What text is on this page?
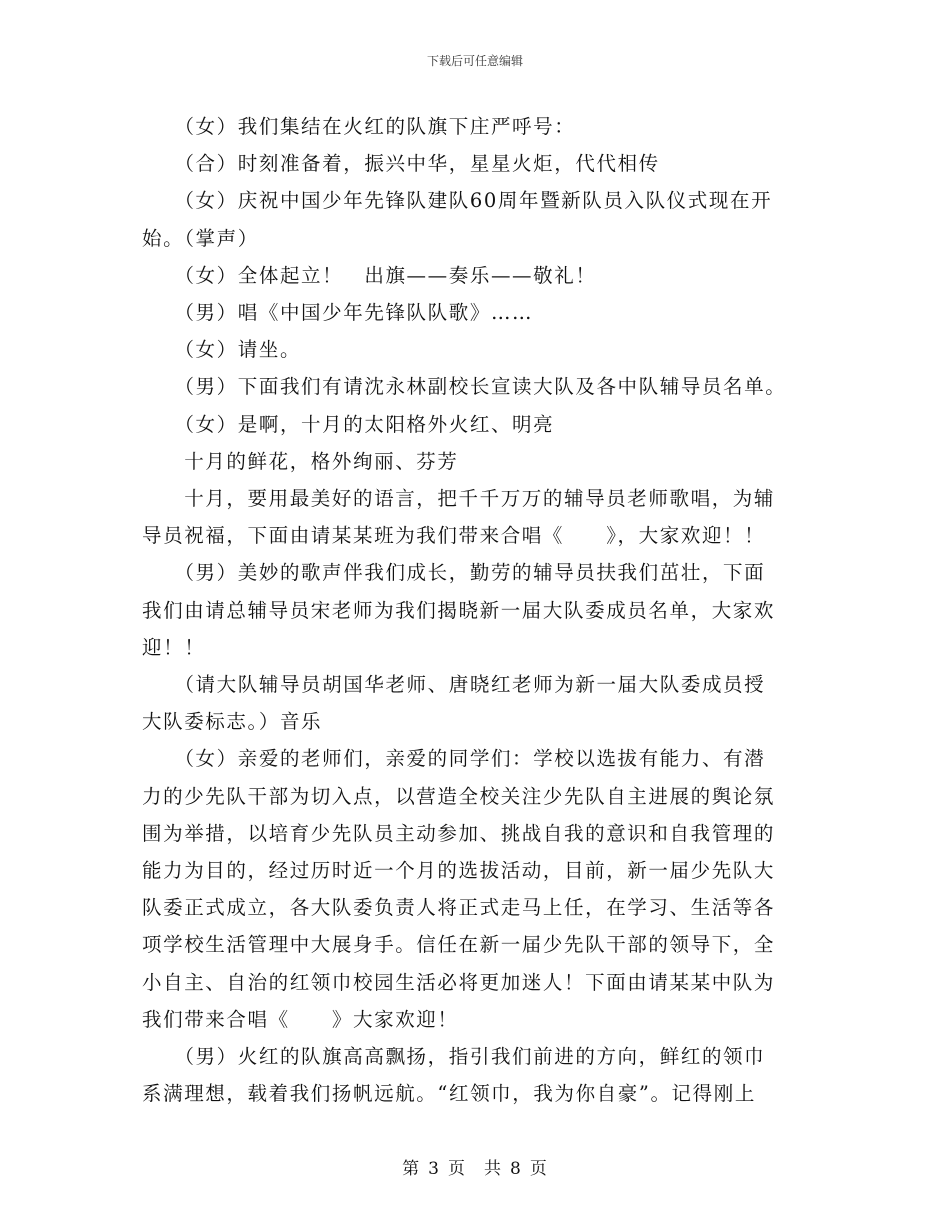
下载后可任意编辑

　　（女）我们集结在火红的队旗下庄严呼号：

　　（合）时刻准备着，振兴中华，星星火炬，代代相传

　　（女）庆祝中国少年先锋队建队60周年暨新队员入队仪式现在开

始。（掌声）

　　（女）全体起立！　出旗——奏乐——敬礼！

　　（男）唱《中国少年先锋队队歌》……

　　（女）请坐。

　　（男）下面我们有请沈永林副校长宣读大队及各中队辅导员名单。

　　（女）是啊，十月的太阳格外火红、明亮

　　十月的鲜花，格外绚丽、芬芳

　　十月，要用最美好的语言，把千千万万的辅导员老师歌唱，为辅

导员祝福，下面由请某某班为我们带来合唱《　　》，大家欢迎！！

　　（男）美妙的歌声伴我们成长，勤劳的辅导员扶我们茁壮，下面

我们由请总辅导员宋老师为我们揭晓新一届大队委成员名单，大家欢

迎！！

　　（请大队辅导员胡国华老师、唐晓红老师为新一届大队委成员授

大队委标志。）音乐

　　（女）亲爱的老师们，亲爱的同学们：学校以选拔有能力、有潜

力的少先队干部为切入点，以营造全校关注少先队自主进展的舆论氛

围为举措，以培育少先队员主动参加、挑战自我的意识和自我管理的

能力为目的，经过历时近一个月的选拔活动，目前，新一届少先队大

队委正式成立，各大队委负责人将正式走马上任，在学习、生活等各

项学校生活管理中大展身手。信任在新一届少先队干部的领导下，全

小自主、自治的红领巾校园生活必将更加迷人！下面由请某某中队为

我们带来合唱《　　》大家欢迎！

　　（男）火红的队旗高高飘扬，指引我们前进的方向，鲜红的领巾

系满理想，载着我们扬帆远航。“红领巾，我为你自豪”。记得刚上

第 3 页　共 8 页
